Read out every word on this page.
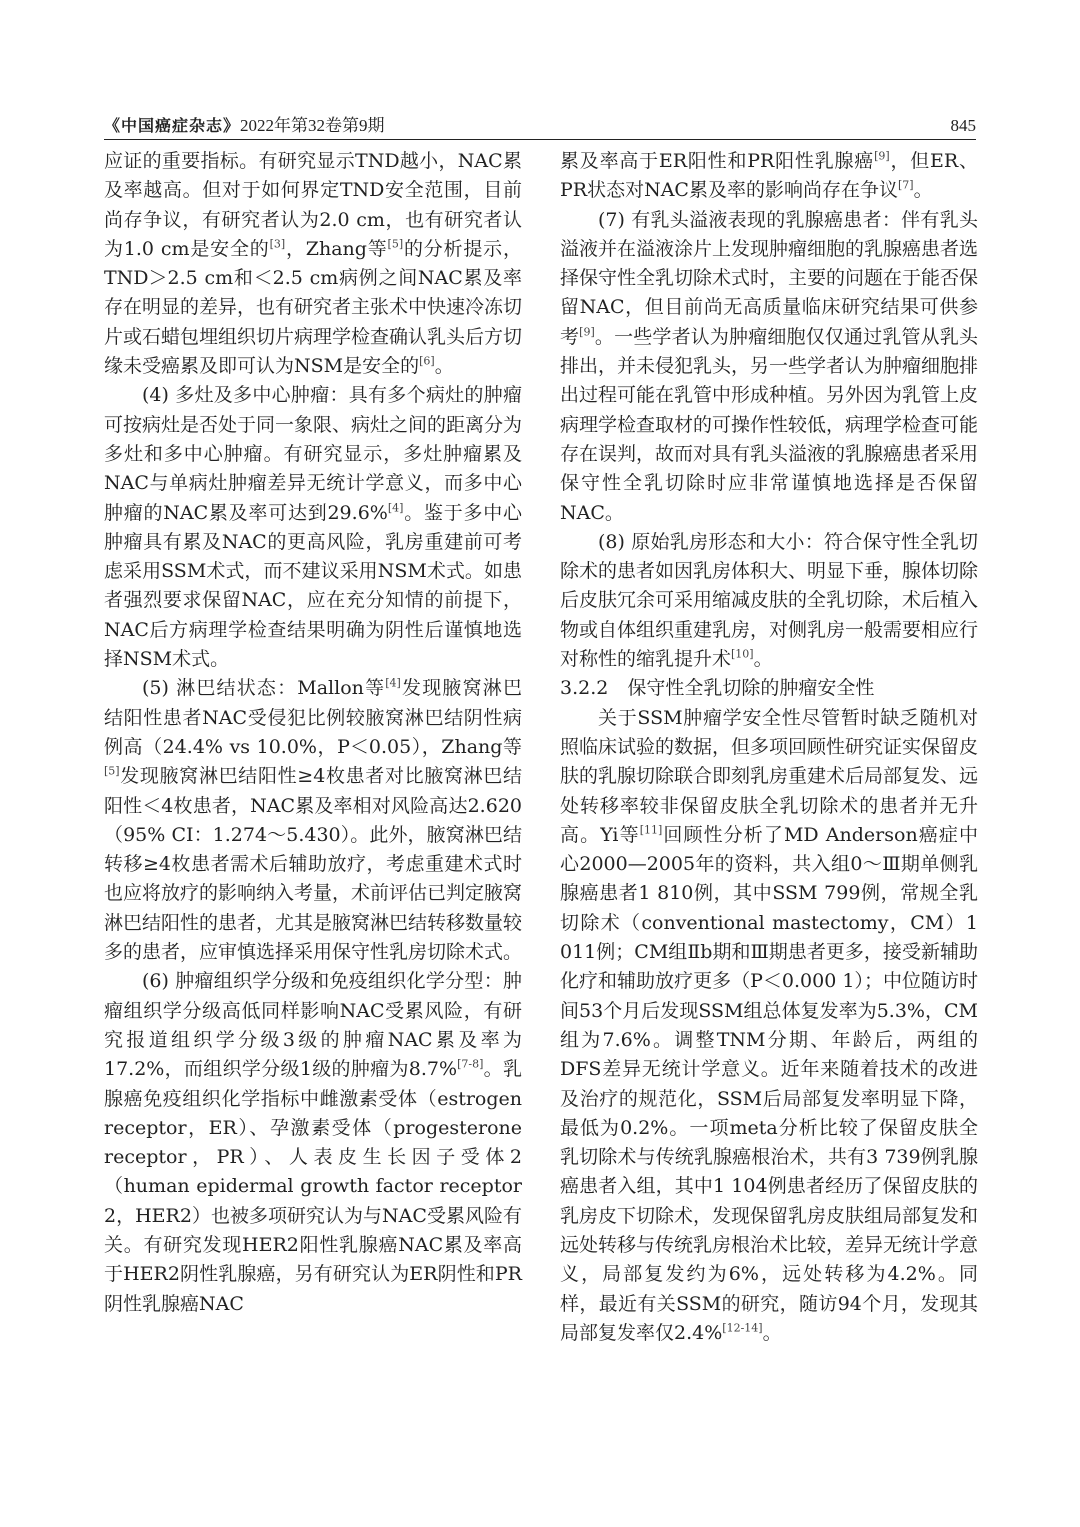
《中国癌症杂志》2022年第32卷第9期	845

应证的重要指标。有研究显示TND越小，NAC累及率越高。但对于如何界定TND安全范围，目前尚存争议，有研究者认为2.0 cm，也有研究者认为1.0 cm是安全的[3]，Zhang等[5]的分析提示，TND＞2.5 cm和＜2.5 cm病例之间NAC累及率存在明显的差异，也有研究者主张术中快速冷冻切片或石蜡包埋组织切片病理学检查确认乳头后方切缘未受癌累及即可认为NSM是安全的[6]。

(4) 多灶及多中心肿瘤：具有多个病灶的肿瘤可按病灶是否处于同一象限、病灶之间的距离分为多灶和多中心肿瘤。有研究显示，多灶肿瘤累及NAC与单病灶肿瘤差异无统计学意义，而多中心肿瘤的NAC累及率可达到29.6%[4]。鉴于多中心肿瘤具有累及NAC的更高风险，乳房重建前可考虑采用SSM术式，而不建议采用NSM术式。如患者强烈要求保留NAC，应在充分知情的前提下，NAC后方病理学检查结果明确为阴性后谨慎地选择NSM术式。

(5) 淋巴结状态：Mallon等[4]发现腋窝淋巴结阳性患者NAC受侵犯比例较腋窝淋巴结阴性病例高（24.4% vs 10.0%，P＜0.05），Zhang等[5]发现腋窝淋巴结阳性≥4枚患者对比腋窝淋巴结阳性＜4枚患者，NAC累及率相对风险高达2.620（95% CI：1.274～5.430）。此外，腋窝淋巴结转移≥4枚患者需术后辅助放疗，考虑重建术式时也应将放疗的影响纳入考量，术前评估已判定腋窝淋巴结阳性的患者，尤其是腋窝淋巴结转移数量较多的患者，应审慎选择采用保守性乳房切除术式。

(6) 肿瘤组织学分级和免疫组织化学分型：肿瘤组织学分级高低同样影响NAC受累风险，有研究报道组织学分级3级的肿瘤NAC累及率为17.2%，而组织学分级1级的肿瘤为8.7%[7-8]。乳腺癌免疫组织化学指标中雌激素受体（estrogen receptor，ER）、孕激素受体（progesterone receptor，PR）、人表皮生长因子受体2（human epidermal growth factor receptor 2，HER2）也被多项研究认为与NAC受累风险有关。有研究发现HER2阳性乳腺癌NAC累及率高于HER2阴性乳腺癌，另有研究认为ER阴性和PR阴性乳腺癌NAC

累及率高于ER阳性和PR阳性乳腺癌[9]，但ER、PR状态对NAC累及率的影响尚存在争议[7]。

(7) 有乳头溢液表现的乳腺癌患者：伴有乳头溢液并在溢液涂片上发现肿瘤细胞的乳腺癌患者选择保守性全乳切除术式时，主要的问题在于能否保留NAC，但目前尚无高质量临床研究结果可供参考[9]。一些学者认为肿瘤细胞仅仅通过乳管从乳头排出，并未侵犯乳头，另一些学者认为肿瘤细胞排出过程可能在乳管中形成种植。另外因为乳管上皮病理学检查取材的可操作性较低，病理学检查可能存在误判，故而对具有乳头溢液的乳腺癌患者采用保守性全乳切除时应非常谨慎地选择是否保留NAC。

(8) 原始乳房形态和大小：符合保守性全乳切除术的患者如因乳房体积大、明显下垂，腺体切除后皮肤冗余可采用缩减皮肤的全乳切除，术后植入物或自体组织重建乳房，对侧乳房一般需要相应行对称性的缩乳提升术[10]。

3.2.2　保守性全乳切除的肿瘤安全性

关于SSM肿瘤学安全性尽管暂时缺乏随机对照临床试验的数据，但多项回顾性研究证实保留皮肤的乳腺切除联合即刻乳房重建术后局部复发、远处转移率较非保留皮肤全乳切除术的患者并无升高。Yi等[11]回顾性分析了MD Anderson癌症中心2000—2005年的资料，共入组0～Ⅲ期单侧乳腺癌患者1 810例，其中SSM 799例，常规全乳切除术（conventional mastectomy，CM）1 011例；CM组Ⅱb期和Ⅲ期患者更多，接受新辅助化疗和辅助放疗更多（P＜0.000 1）；中位随访时间53个月后发现SSM组总体复发率为5.3%，CM组为7.6%。调整TNM分期、年龄后，两组的DFS差异无统计学意义。近年来随着技术的改进及治疗的规范化，SSM后局部复发率明显下降，最低为0.2%。一项meta分析比较了保留皮肤全乳切除术与传统乳腺癌根治术，共有3 739例乳腺癌患者入组，其中1 104例患者经历了保留皮肤的乳房皮下切除术，发现保留乳房皮肤组局部复发和远处转移与传统乳房根治术比较，差异无统计学意义，局部复发约为6%，远处转移为4.2%。同样，最近有关SSM的研究，随访94个月，发现其局部复发率仅2.4%[12-14]。
